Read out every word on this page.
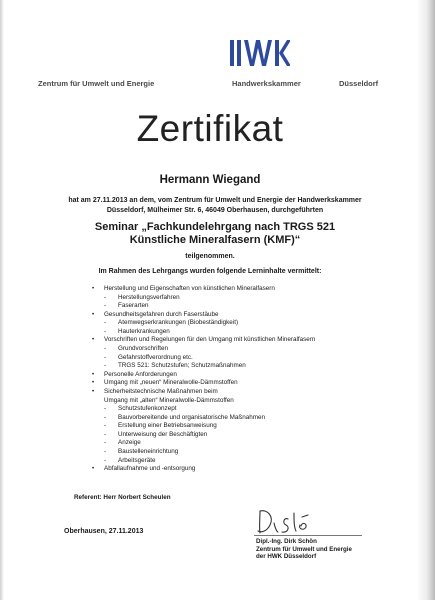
Zentrum für Umwelt und Energie	Handwerkskammer	Düsseldorf
Zertifikat
Hermann Wiegand
hat am 27.11.2013 an dem, vom Zentrum für Umwelt und Energie der Handwerkskammer
Düsseldorf, Mülheimer Str. 6, 46049 Oberhausen, durchgeführten
Seminar „Fachkundelehrgang nach TRGS 521
Künstliche Mineralfasern (KMF)“
teilgenommen.
Im Rahmen des Lehrgangs wurden folgende Lerninhalte vermittelt:
•	Herstellung und Eigenschaften von künstlichen Mineralfasern
-	Herstellungsverfahren
-	Faserarten
•	Gesundheitsgefahren durch Faserstäube
-	Atemwegserkrankungen (Biobeständigkeit)
-	Hauterkrankungen
•	Vorschriften und Regelungen für den Umgang mit künstlichen Mineralfasern
-	Grundvorschriften
-	Gefahrstoffverordnung etc.
-	TRGS 521: Schutzstufen; Schutzmaßnahmen
•	Personelle Anforderungen
•	Umgang mit „neuen“ Mineralwolle-Dämmstoffen
•	Sicherheitstechnische Maßnahmen beim
Umgang mit „alten“ Mineralwolle-Dämmstoffen
-	Schutzstufenkonzept
-	Bauvorbereitende und organisatorische Maßnahmen
-	Erstellung einer Betriebsanweisung
-	Unterweisung der Beschäftigten
-	Anzeige
-	Baustelleneinrichtung
-	Arbeitsgeräte
•	Abfallaufnahme und -entsorgung
Referent: Herr Norbert Scheulen
Oberhausen, 27.11.2013
Dipl.-Ing. Dirk Schön
Zentrum für Umwelt und Energie
der HWK Düsseldorf
